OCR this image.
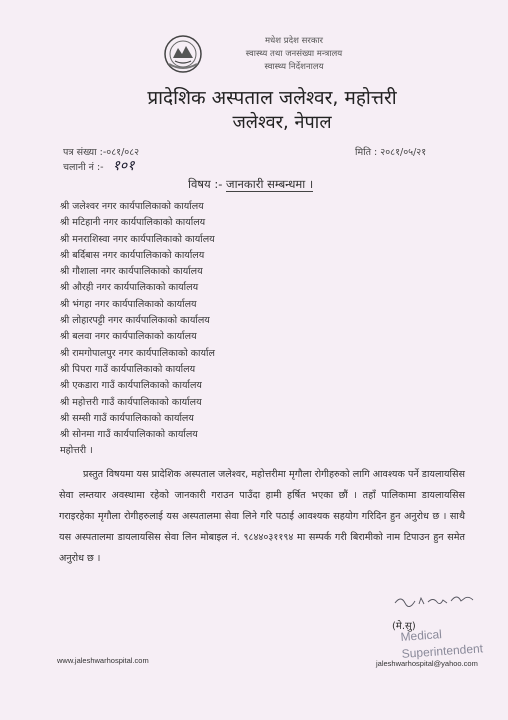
मधेश प्रदेश सरकार
स्वास्थ्य तथा जनसंख्या मन्त्रालय
स्वास्थ्य निर्देशनालय
प्रादेशिक अस्पताल जलेश्वर, महोत्तरी
जलेश्वर, नेपाल
पत्र संख्या :-०८१/०८२
चलानी नं :- १०१
मिति : २०८१/०५/२१
विषय :- जानकारी सम्बन्धमा ।
श्री जलेश्वर नगर कार्यपालिकाको कार्यालय
श्री मटिहानी नगर कार्यपालिकाको कार्यालय
श्री मनराशिस्वा नगर कार्यपालिकाको कार्यालय
श्री बर्दिबास नगर कार्यपालिकाको कार्यालय
श्री गौशाला नगर कार्यपालिकाको कार्यालय
श्री औरही नगर कार्यपालिकाको कार्यालय
श्री भंगहा नगर कार्यपालिकाको कार्यालय
श्री लोहारपट्टी नगर कार्यपालिकाको कार्यालय
श्री बलवा नगर कार्यपालिकाको कार्यालय
श्री रामगोपालपुर नगर कार्यपालिकाको कार्याल
श्री पिपरा गाउँ कार्यपालिकाको कार्यालय
श्री एकडारा गाउँ कार्यपालिकाको कार्यालय
श्री महोत्तरी गाउँ कार्यपालिकाको कार्यालय
श्री सम्सी गाउँ कार्यपालिकाको कार्यालय
श्री सोनमा गाउँ कार्यपालिकाको कार्यालय
महोत्तरी ।
प्रस्तुत विषयमा यस प्रादेशिक अस्पताल जलेश्वर, महोत्तरीमा मृगौला रोगीहरुको लागि आवश्यक पर्ने डायलायसिस सेवा लम्तयार अवस्थामा रहेको जानकारी गराउन पाउँदा हामी हर्षित भएका छौं । तहाँ पालिकामा डायलायसिस गराइरहेका मृगौला रोगीहरुलाई यस अस्पतालमा सेवा लिने गरि पठाई आवश्यक सहयोग गरिदिन हुन अनुरोध छ । साथै यस अस्पतालमा डायलायसिस सेवा लिन मोबाइल नं. ९८४४०३११९४ मा सम्पर्क गरी बिरामीको नाम टिपाउन हुन समेत अनुरोध छ ।
(मे.सु)
Medical
Superintendent
www.jaleshwarhospital.com	jaleshwarhospital@yahoo.com
